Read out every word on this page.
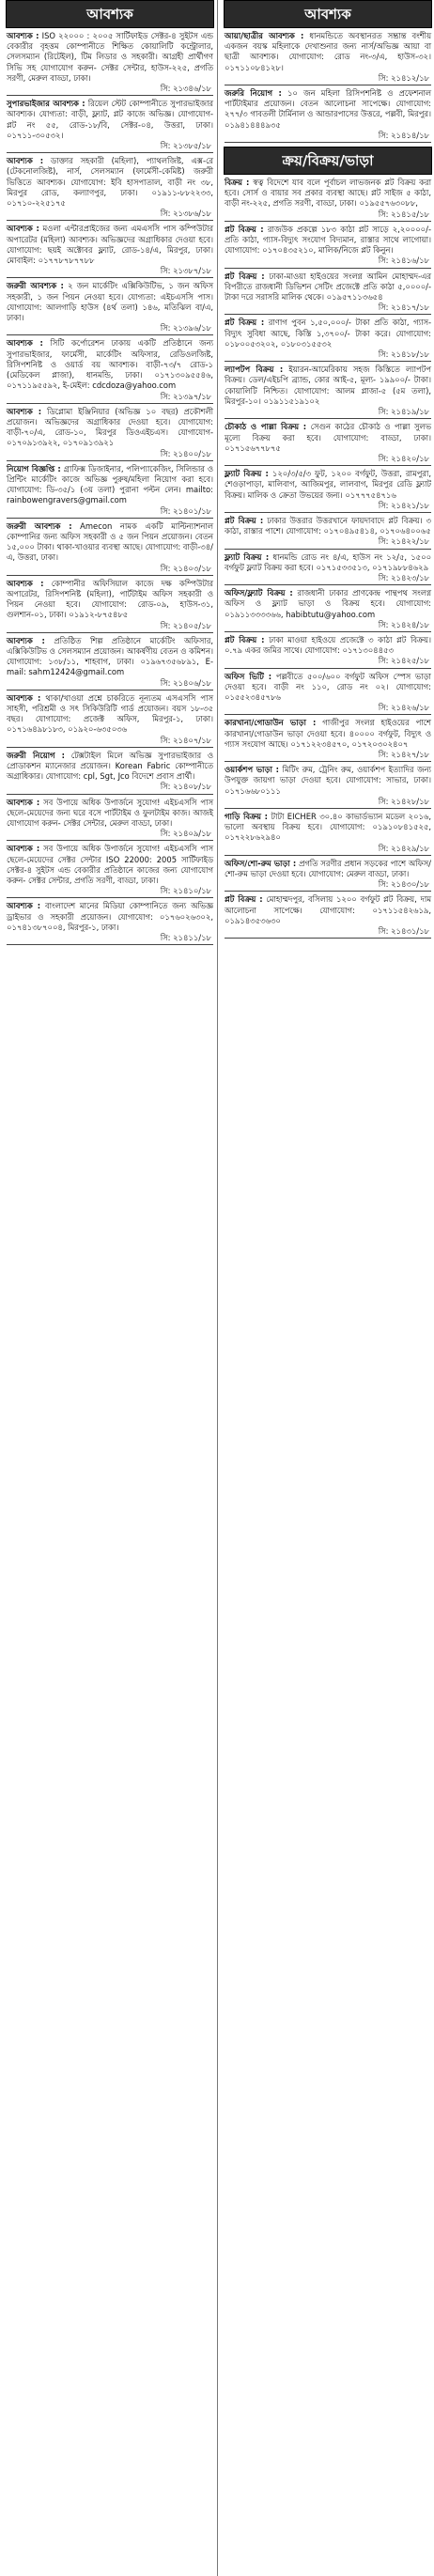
আবশ্যক

আবশ্যক : ISO ২২০০০ : ২০০৫ সার্টিফাইড সেক্টর-৪ সুইটস এন্ড বেকারীর বৃহত্তম কোম্পানীতে শিক্ষিত কোয়ালিটি কন্ট্রোলার, সেলসম্যান (রিটেইল), টিম লিডার ও সহকারী। আগ্রহী প্রার্থীগণ সিভি সহ যোগাযোগ করুন- সেক্টর সেন্টার, হাউস-২২৫, প্রগতি সরণী, মেরুল বাড্ডা, ঢাকা।

সি: ২১৩৪৬/১৮

সুপারভাইজার আবশ্যক : রিয়েল স্টেট কোম্পানীতে সুপারভাইজার আবশ্যক। যোগ্যতা: বাড়ী, ফ্ল্যাট, প্লট কাজে অভিজ্ঞ। যোগাযোগ- প্লট নং ৫৫, রোড-১৮/বি, সেক্টর-০৪, উত্তরা, ঢাকা। ০১৭১১-৩০৫৩২।

সি: ২১৩৮৫/১৮

আবশ্যক : ডাক্তার সহকারী (মহিলা), প্যাথলজিষ্ট, এক্স-রে (টেকনোলজিষ্ট), নার্স, সেলসম্যান (ফার্মেসী-কেমিষ্ট) জরুরী ভিত্তিতে আবশ্যক। যোগাযোগ: ইবি হাসপাতাল, বাড়ী নং ৩৮, মিরপুর রোড, কল্যাণপুর, ঢাকা। ০১৯১১-৮৮২২৩৩, ০১৭১০-২২৫১৭৫

সি: ২১৩৮৬/১৮

আবশ্যক : মওলা এন্টারপ্রাইজের জন্য এমএসসি পাস কম্পিউটার অপারেটর (মহিলা) আবশ্যক। অভিজ্ঞদের অগ্রাধিকার দেওয়া হবে। যোগাযোগ: ছয়ই অক্টোবর ফ্ল্যাট, রোড-১৪/এ, মিরপুর, ঢাকা। মোবাইল: ০১৭৭৮৭৮৭৭৮৮

সি: ২১৩৮৭/১৮

জরুরী আবশ্যক : ২ জন মার্কেটিং এক্সিকিউটিভ, ১ জন অফিস সহকারী, ১ জন পিয়ন নেওয়া হবে। যোগ্যতা: এইচএসসি পাস। যোগাযোগ: আলগাড়ি হাউস (৪র্থ তলা) ১৪৬, মতিঝিল বা/এ, ঢাকা।

সি: ২১৩৯৬/১৮

আবশ্যক : সিটি কর্পোরেশন ঢাকায় একটি প্রতিষ্ঠানে জন্য সুপারভাইজার, ফার্মেসী, মার্কেটিং অফিসার, রেডিওলজিষ্ট, রিসিপশনিষ্ট ও ওয়ার্ড বয় আবশ্যক। বাড়ী-৭৩/৭ রোড-১ (মেডিকেল প্লাজা), ধানমন্ডি, ঢাকা। ০১৭১৩০৯৫৫৪৬, ০১৭১১৯৫৫৯২, ই-মেইল: cdcdoza@yahoo.com

সি: ২১৩৯৭/১৮

আবশ্যক : ডিপ্লোমা ইঞ্জিনিয়ার (অভিজ্ঞ ১০ বছর) প্রকৌশলী প্রয়োজন। অভিজ্ঞদের অগ্রাধিকার দেওয়া হবে। যোগাযোগ: বাড়ী-৭০/এ, রোড-১০, মিরপুর ডিওএইচএস। যোগাযোগ- ০১৭০৯১৩৯২২, ০১৭০৯১৩৯২১

সি: ২১৪০০/১৮

নিয়োগ বিজ্ঞপ্তি : গ্রাফিক্স ডিজাইনার, পলিপ্যাকেজিং, সিলিন্ডার ও প্রিন্টিং মার্কেটিং কাজে অভিজ্ঞ পুরুষ/মহিলা নিয়োগ করা হবে। যোগাযোগ: ডি-৩৫/১ (৩য় তলা) পুরানা পল্টন লেন। mailto: rainbowengravers@gmail.com

সি: ২১৪০১/১৮

জরুরী আবশ্যক : Amecon নামক একটি মাল্টিন্যাশনাল কোম্পানির জন্য অফিস সহকারী ও ৫ জন পিয়ন প্রয়োজন। বেতন ১৫,০০০ টাকা। থাকা-খাওয়ার ব্যবস্থা আছে। যোগাযোগ: বাড়ী-৩৪/এ, উত্তরা, ঢাকা।

সি: ২১৪০৩/১৮

আবশ্যক : কোম্পানীর অফিসিয়াল কাজে দক্ষ কম্পিউটার অপারেটর, রিসিপশনিষ্ট (মহিলা), পার্টটাইম অফিস সহকারী ও পিয়ন নেওয়া হবে। যোগাযোগ: রোড-০৯, হাউস-৩১, গুলশান-০১, ঢাকা। ০১৯১২-৮৭৫৪৮৫

সি: ২১৪০৫/১৮

আবশ্যক : প্রতিষ্ঠিত শিল্প প্রতিষ্ঠানে মার্কেটিং অফিসার, এক্সিকিউটিভ ও সেলসম্যান প্রয়োজন। আকর্ষণীয় বেতন ও কমিশন। যোগাযোগ: ১৩৮/১১, শাহবাগ, ঢাকা। ০১৯৬৭৩৫৬৮৯১, E-mail: sahm12424@gmail.com

সি: ২১৪০৬/১৮

আবশ্যক : থাকা/খাওয়া প্রশ্নে চাকরিতে নূন্যতম এসএসসি পাস সাহসী, পরিশ্রমী ও সৎ সিকিউরিটি গার্ড প্রয়োজন। বয়স ১৮-৩৫ বছর। যোগাযোগ: প্রজেক্ট অফিস, মিরপুর-১, ঢাকা। ০১৭১৬৪৯৮১৮৩, ০১৯২০-৬৩৫০৩৬

সি: ২১৪০৭/১৮

জরুরী নিয়োগ : টেক্সটাইল মিলে অভিজ্ঞ সুপারভাইজার ও প্রোডাকশন ম্যানেজার প্রয়োজন। Korean Fabric কোম্পানীতে অগ্রাধিকার। যোগাযোগ: cpl, Sgt, Jco বিদেশে প্রবাস প্রার্থী।

সি: ২১৪০৮/১৮

আবশ্যক : সব উপায়ে অধিক উপার্জনে সুযোগ! এইচএসসি পাস ছেলে-মেয়েদের জন্য ঘরে বসে পার্টটাইম ও ফুলটাইম কাজ। আজই যোগাযোগ করুন- সেক্টর সেন্টার, মেরুল বাড্ডা, ঢাকা।

সি: ২১৪০৯/১৮

আবশ্যক : সব উপায়ে অধিক উপার্জনে সুযোগ! এইচএসসি পাস ছেলে-মেয়েদের সেক্টর সেন্টার ISO 22000: 2005 সার্টিফাইড সেক্টর-৪ সুইটস এন্ড বেকারীর প্রতিষ্ঠানে কাজের জন্য যোগাযোগ করুন- সেক্টর সেন্টার, প্রগতি সরণী, বাড্ডা, ঢাকা।

সি: ২১৪১০/১৮

আবশ্যক : বাংলাদেশ মানের মিডিয়া কোম্পানিতে জন্য অভিজ্ঞ ড্রাইভার ও সহকারী প্রয়োজন। যোগাযোগ: ০১৭৬০২৬৩০২, ০১৭৪১৩৮৭০০৪, মিরপুর-১, ঢাকা।

সি: ২১৪১১/১৮
আবশ্যক

আয়া/ছাত্রীর আবশ্যক : ধানমন্ডিতে অবস্থানরত সম্ভ্রান্ত বংশীয় একজন বয়স্ক মহিলাকে দেখাশুনার জন্য নার্স/অভিজ্ঞ আয়া বা ছাত্রী আবশ্যক। যোগাযোগ: রোড নং-৩/এ, হাউস-৩২। ০১৭১১০৮৪১২৮।

সি: ২১৪১২/১৮

জরুরি নিয়োগ : ১০ জন মহিলা রিসিপশনিষ্ট ও প্রফেশনাল পার্টটাইমার প্রয়োজন। বেতন আলোচনা সাপেক্ষে। যোগাযোগ: ২৭৭/৩ গাবতলী টার্মিনাল ও আন্ডারপাসের উত্তরে, পল্লবী, মিরপুর। ০১৯৪১৪৪৪৯৩৫

সি: ২১৪১৪/১৮
ক্রয়/বিক্রয়/ভাড়া

বিক্রয় : স্বত্ব বিদেশে যাব বলে পূর্বাচল লাভজনক প্লট বিক্রয় করা হবে। সোর্স ও বায়ার সব প্রকার ব্যবস্থা আছে। প্লট সাইজ ৫ কাঠা, বাড়ী নং-২২৫, প্রগতি সরণী, বাড্ডা, ঢাকা। ০১৯৫৫৭৬৩০৮৮,

সি: ২১৪১৫/১৮

প্লট বিক্রয় : রাজউক প্রকল্পে ১৮৩ কাঠা প্লট সাড়ে ২,২০০০০/- প্রতি কাঠা, গ্যাস-বিদ্যুৎ সংযোগ বিদ্যমান, রাস্তার সাথে লাগোয়া। যোগাযোগ: ০১৭০৪৩৫২১০, মালিক/নিজে প্লট কিনুন।

সি: ২১৪১৬/১৮

প্লট বিক্রয় : ঢাকা-মাওয়া হাইওয়ের সংলগ্ন আমিন মোহাম্মদ-এর বিপরীতে রাজধানী ডিভিশন সেটিং প্রজেক্টে প্রতি কাঠা ৫,০০০০/- টাকা দরে সরাসরি মালিক থেকে। ০১৯৫৭১১৩৬৫৪

সি: ২১৪১৭/১৮

প্লট বিক্রয় : রাণাগ পুবন ১,৫০,০০০/- টাকা প্রতি কাঠা, গ্যাস-বিদ্যুৎ সুবিধা আছে, কিস্তি ১,৩৭০০/- টাকা করে। যোগাযোগ: ০১৮০০৫৩২০২, ০১৮০৩১৫৫৩২

সি: ২১৪১৮/১৮

ল্যাপটপ বিক্রয় : ইয়ারন-আমেরিকায় সহজ কিস্তিতে ল্যাপটপ বিক্রয়। ডেল/এইচপি ব্র্যান্ড, কোর আই-৫, মূল্য- ১৯৯০০/- টাকা। কোয়ালিটি নিশ্চিত। যোগাযোগ: আলম প্লাজা-৫ (৫ম তলা), মিরপুর-১০। ০১৯১১৫১৯১০২

সি: ২১৪১৯/১৮

চৌকাঠ ও পাল্লা বিক্রয় : সেগুন কাঠের চৌকাঠ ও পাল্লা সুলভ মূল্যে বিক্রয় করা হবে। যোগাযোগ: বাড্ডা, ঢাকা। ০১৭১৫৬৭৭৮৭৫

সি: ২১৪২০/১৮

ফ্ল্যাট বিক্রয় : ১২০/৩/৫/৩ ফুট, ১২০০ বর্গফুট, উত্তরা, রামপুরা, শেওড়াপাড়া, মালিবাগ, আজিমপুর, লালবাগ, মিরপুর রেডি ফ্ল্যাট বিক্রয়। মালিক ও ক্রেতা উভয়ের জন্য। ০১৭৭৭৫৪৭১৬

সি: ২১৪২১/১৮

প্লট বিক্রয় : ঢাকার উত্তরার উত্তরখানে ফায়দাবাদে প্লট বিক্রয়। ৩ কাঠা, রাস্তার পাশে। যোগাযোগ: ০১৭০৪৯৫৪১৪, ০১৭০৬৪০০৬৫

সি: ২১৪২২/১৮

ফ্ল্যাট বিক্রয় : ধানমন্ডি রোড নং ৪/এ, হাউস নং ১২/৫, ১৫০০ বর্গফুট ফ্ল্যাট বিক্রয় করা হবে। ০১৭১৫৩৩৫১৩, ০১৭১৯৮৮৪৬২৯

সি: ২১৪২৩/১৮

অফিস/ফ্ল্যাট বিক্রয় : রাজধানী ঢাকার প্রাণকেন্দ্র পান্থপথ সংলগ্ন অফিস ও ফ্ল্যাট ভাড়া ও বিক্রয় হবে। যোগাযোগ: ০১৯১১৩৩৩৩৬৬, habibtutu@yahoo.com

সি: ২১৪২৪/১৮

প্লট বিক্রয় : ঢাকা মাওয়া হাইওয়ে প্রজেক্টে ৩ কাঠা প্লট বিক্রয়। ০.৭৯ একর জমির সাথে। যোগাযোগ: ০১৭১৩০৪৪৫৩

সি: ২১৪২৫/১৮

অফিস ভিটি : পল্লবীতে ৫০০/৬০০ বর্গফুট অফিস স্পেস ভাড়া দেওয়া হবে। বাড়ী নং ১১০, রোড নং ০২। যোগাযোগ: ০১৫৫২৩৪৫৭৮৬

সি: ২১৪২৬/১৮

কারখানা/গোডাউন ভাড়া : গাজীপুর সংলগ্ন হাইওয়ের পাশে কারখানা/গোডাউন ভাড়া দেওয়া হবে। ৪০০০০ বর্গফুট, বিদ্যুৎ ও গ্যাস সংযোগ আছে। ০১৭১২২৩৪৫৭০, ০১৭২০৩০২৪০৭

সি: ২১৪২৭/১৮

ওয়ার্কশপ ভাড়া : মিটিং রুম, ট্রেনিং রুম, ওয়ার্কশপ ইত্যাদির জন্য উপযুক্ত জায়গা ভাড়া দেওয়া হবে। যোগাযোগ: সাভার, ঢাকা। ০১৭১৬৬৮০১১১

সি: ২১৪২৮/১৮

গাড়ি বিক্রয় : টাটা EICHER ৩০.৪০ কাভার্ডভ্যান মডেল ২০১৬, ভালো অবস্থায় বিক্রয় হবে। যোগাযোগ: ০১৯১০৮৪১৫২৫, ০১৭২২৮৬২৯৪০

সি: ২১৪২৯/১৮

অফিস/শো-রুম ভাড়া : প্রগতি সরণীর প্রধান সড়কের পাশে অফিস/শো-রুম ভাড়া দেওয়া হবে। যোগাযোগ: মেরুল বাড্ডা, ঢাকা।

সি: ২১৪৩০/১৮

প্লট বিক্রয় : মোহাম্মদপুর, বসিলায় ১২০০ বর্গফুট প্লট বিক্রয়, দাম আলোচনা সাপেক্ষে। যোগাযোগ: ০১৭১১৫৪২৬১৯, ০১৯১৪৩৫৩৬৩০

সি: ২১৪৩১/১৮
